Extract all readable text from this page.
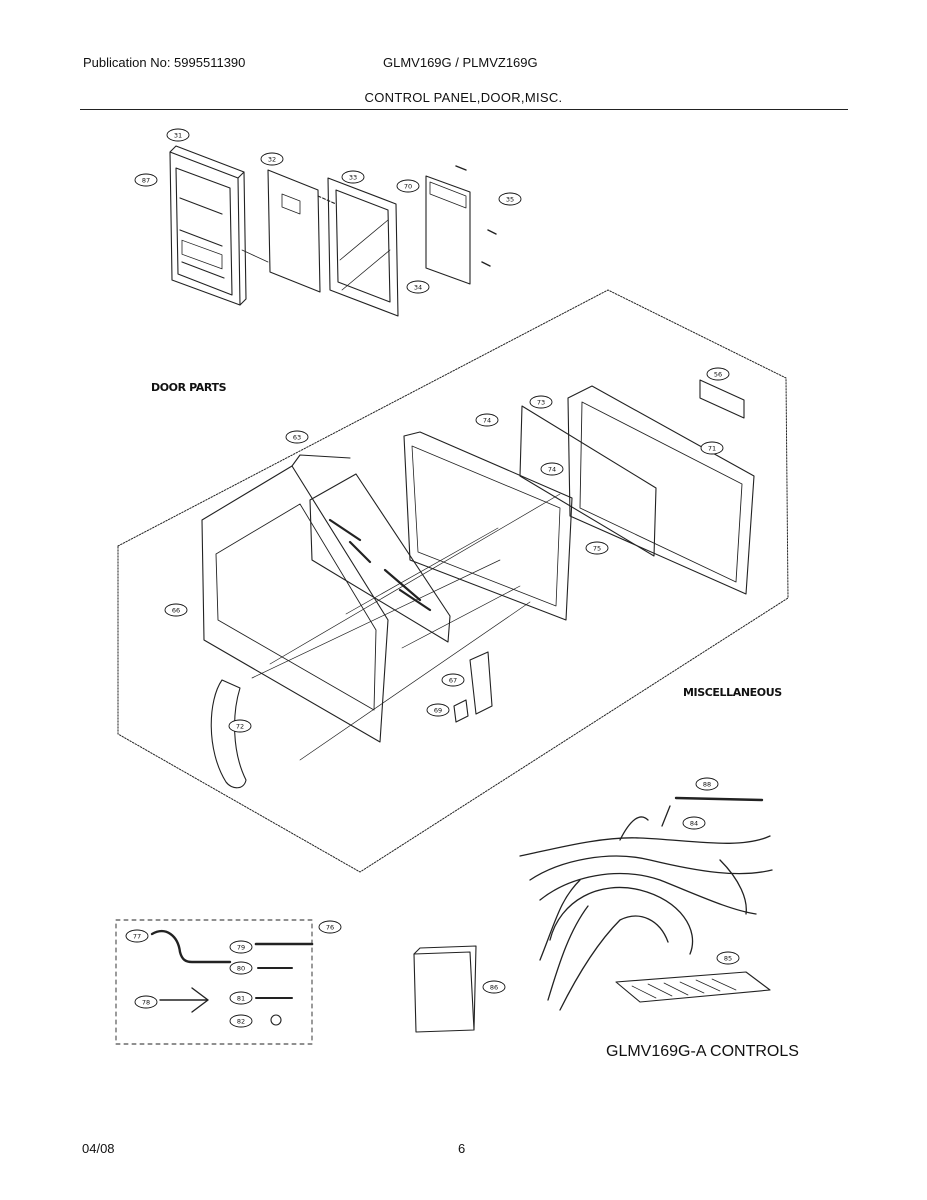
Publication No: 5995511390	GLMV169G / PLMVZ169G
CONTROL PANEL,DOOR,MISC.
31
87
32
33
70
35
34
56
73
74
74
71
63
75
66
67
69
72
88
84
76
77
79
80
78	81
82
86
85
DOOR PARTS
MISCELLANEOUS
GLMV169G-A CONTROLS
04/08	6
